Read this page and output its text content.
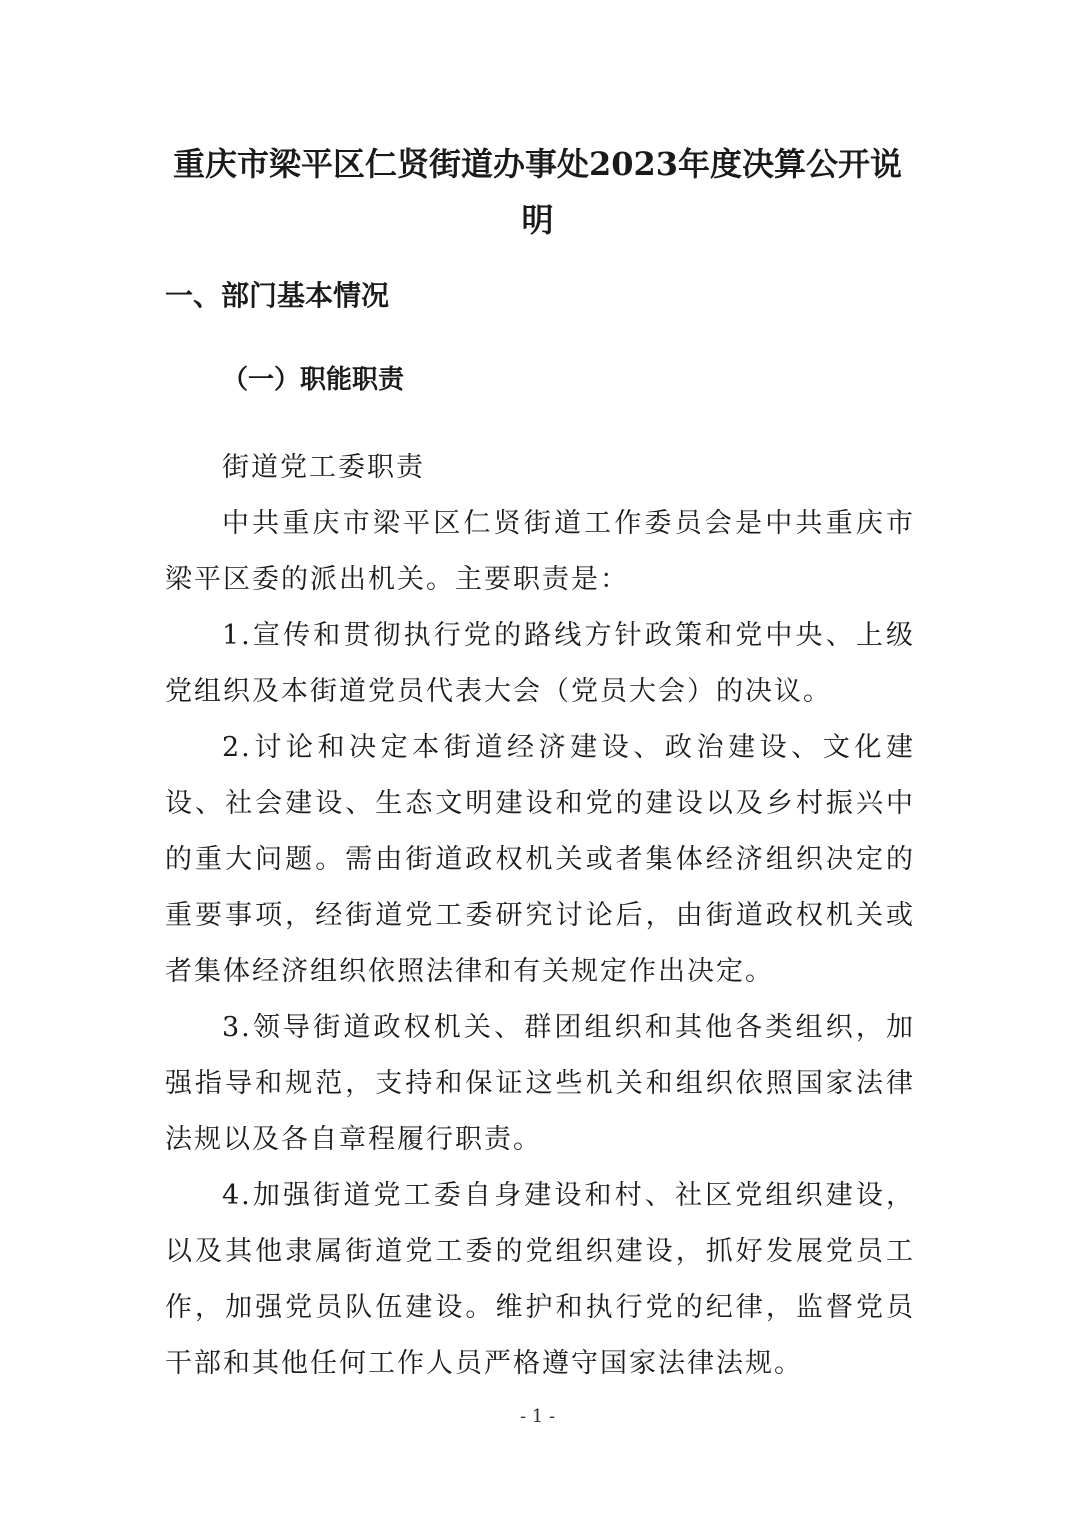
重庆市梁平区仁贤街道办事处2023年度决算公开说明
一、部门基本情况
（一）职能职责

街道党工委职责

中共重庆市梁平区仁贤街道工作委员会是中共重庆市梁平区委的派出机关。主要职责是：

1.宣传和贯彻执行党的路线方针政策和党中央、上级党组织及本街道党员代表大会（党员大会）的决议。

2.讨论和决定本街道经济建设、政治建设、文化建设、社会建设、生态文明建设和党的建设以及乡村振兴中的重大问题。需由街道政权机关或者集体经济组织决定的重要事项，经街道党工委研究讨论后，由街道政权机关或者集体经济组织依照法律和有关规定作出决定。

3.领导街道政权机关、群团组织和其他各类组织，加强指导和规范，支持和保证这些机关和组织依照国家法律法规以及各自章程履行职责。

4.加强街道党工委自身建设和村、社区党组织建设，以及其他隶属街道党工委的党组织建设，抓好发展党员工作，加强党员队伍建设。维护和执行党的纪律，监督党员干部和其他任何工作人员严格遵守国家法律法规。

- 1 -
